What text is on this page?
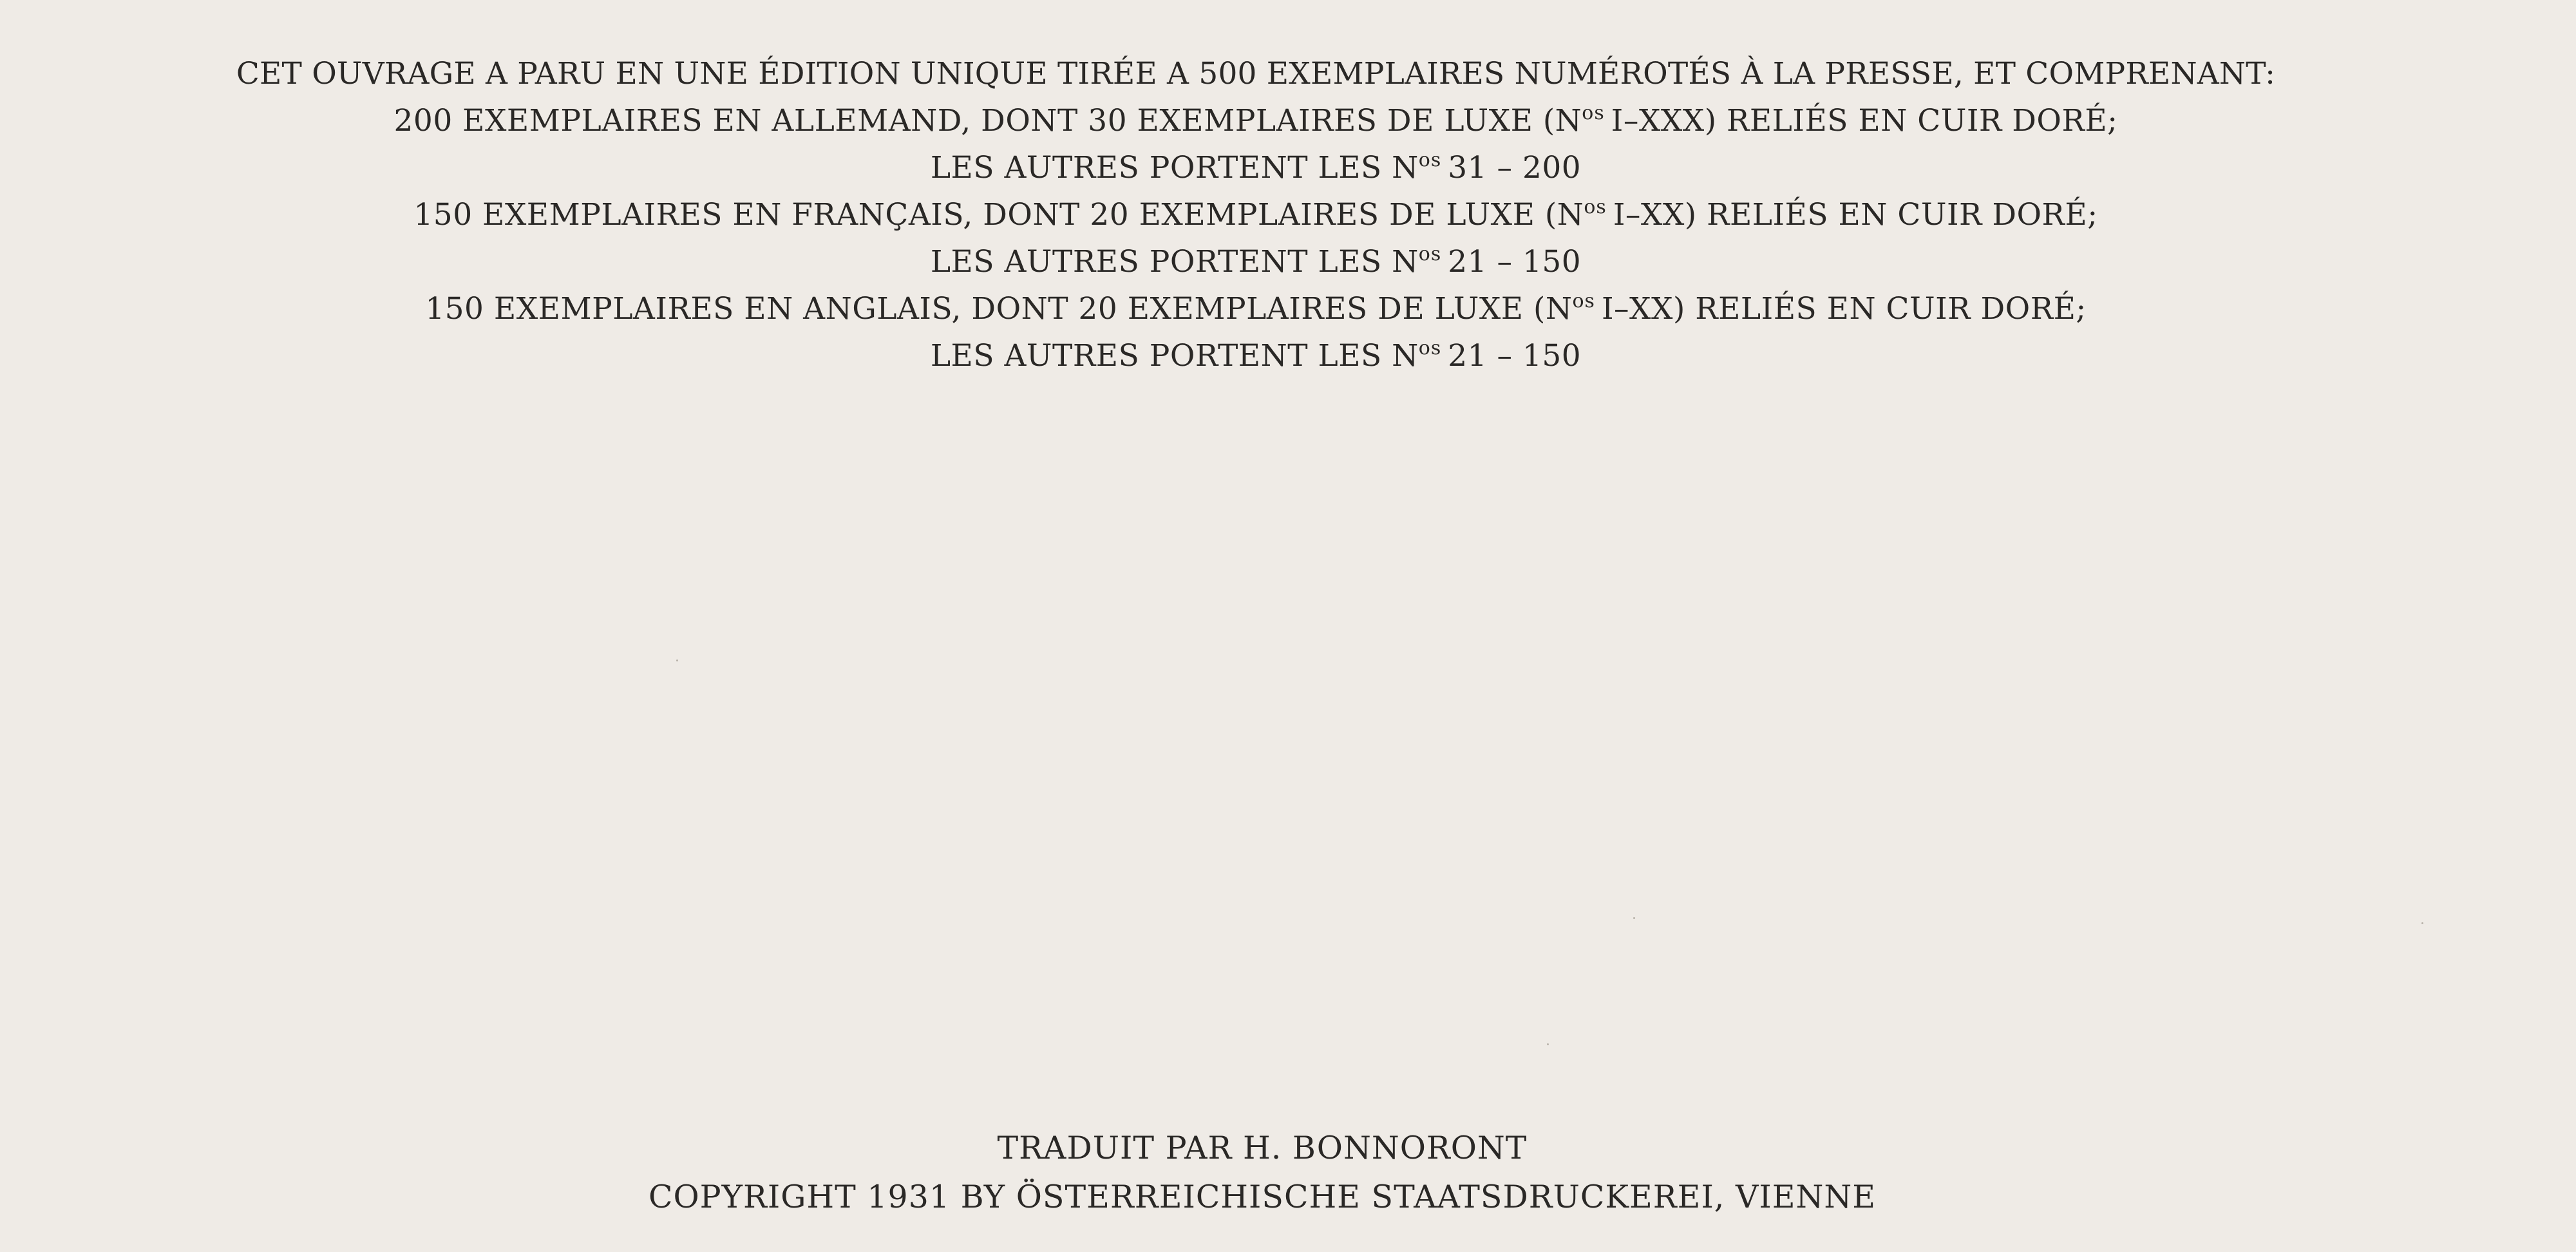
CET OUVRAGE A PARU EN UNE ÉDITION UNIQUE TIRÉE A 500 EXEMPLAIRES NUMÉROTÉS À LA PRESSE, ET COMPRENANT:
200 EXEMPLAIRES EN ALLEMAND, DONT 30 EXEMPLAIRES DE LUXE ($N^{os}$ I–XXX) RELIÉS EN CUIR DORÉ;
LES AUTRES PORTENT LES $N^{os}$ 31 – 200
150 EXEMPLAIRES EN FRANÇAIS, DONT 20 EXEMPLAIRES DE LUXE ($N^{os}$ I–XX) RELIÉS EN CUIR DORÉ;
LES AUTRES PORTENT LES $N^{os}$ 21 – 150
150 EXEMPLAIRES EN ANGLAIS, DONT 20 EXEMPLAIRES DE LUXE ($N^{os}$ I–XX) RELIÉS EN CUIR DORÉ;
LES AUTRES PORTENT LES $N^{os}$ 21 – 150
TRADUIT PAR H. BONNORONT
COPYRIGHT 1931 BY ÖSTERREICHISCHE STAATSDRUCKEREI, VIENNE
